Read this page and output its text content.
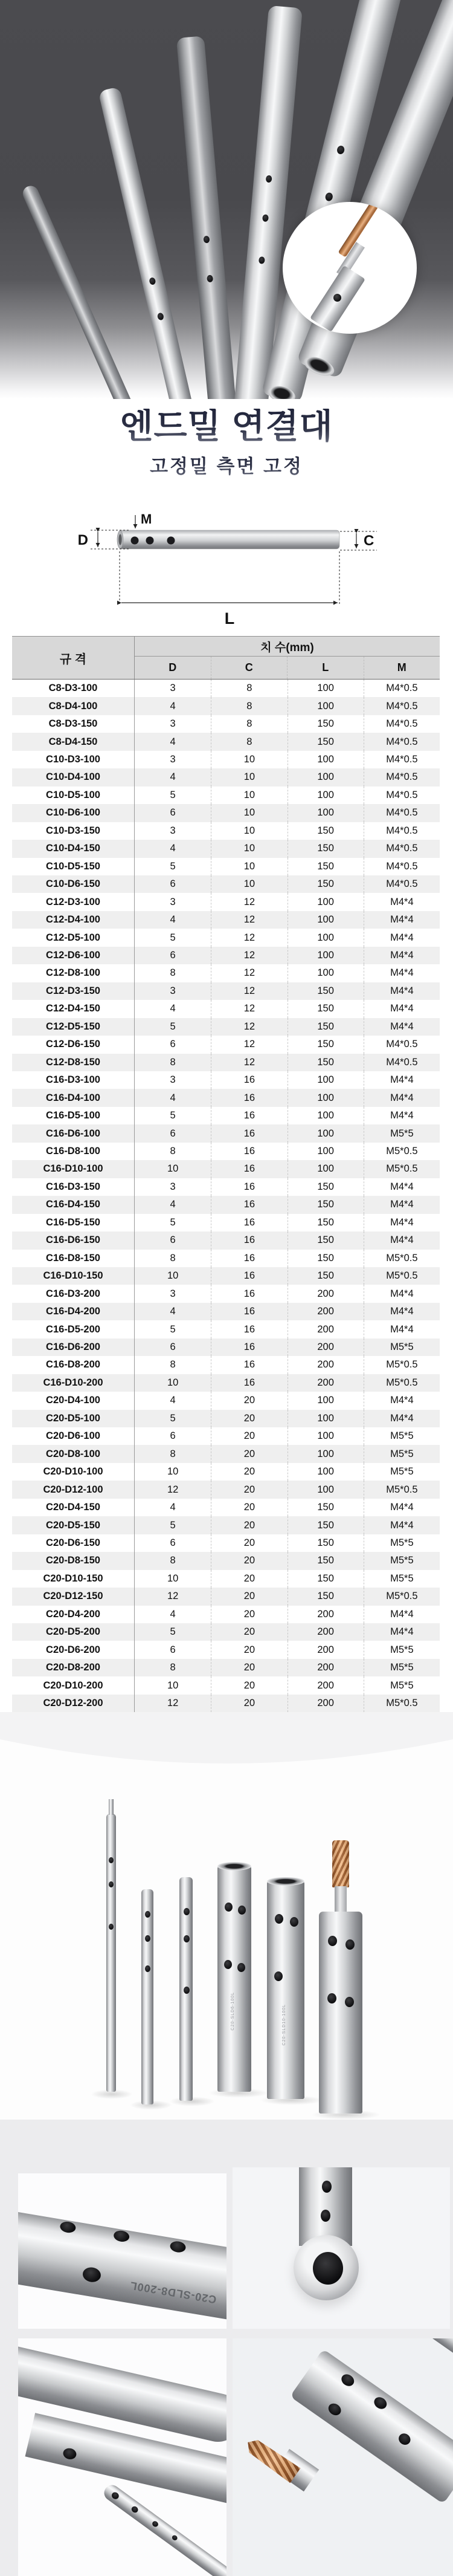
엔드밀 연결대
고정밀 측면 고정
M
D	C
L
규 격
치 수(mm)
D	C	L	M
C8-D3-100	3	8	100	M4*0.5
C8-D4-100	4	8	100	M4*0.5
C8-D3-150	3	8	150	M4*0.5
C8-D4-150	4	8	150	M4*0.5
C10-D3-100	3	10	100	M4*0.5
C10-D4-100	4	10	100	M4*0.5
C10-D5-100	5	10	100	M4*0.5
C10-D6-100	6	10	100	M4*0.5
C10-D3-150	3	10	150	M4*0.5
C10-D4-150	4	10	150	M4*0.5
C10-D5-150	5	10	150	M4*0.5
C10-D6-150	6	10	150	M4*0.5
C12-D3-100	3	12	100	M4*4
C12-D4-100	4	12	100	M4*4
C12-D5-100	5	12	100	M4*4
C12-D6-100	6	12	100	M4*4
C12-D8-100	8	12	100	M4*4
C12-D3-150	3	12	150	M4*4
C12-D4-150	4	12	150	M4*4
C12-D5-150	5	12	150	M4*4
C12-D6-150	6	12	150	M4*0.5
C12-D8-150	8	12	150	M4*0.5
C16-D3-100	3	16	100	M4*4
C16-D4-100	4	16	100	M4*4
C16-D5-100	5	16	100	M4*4
C16-D6-100	6	16	100	M5*5
C16-D8-100	8	16	100	M5*0.5
C16-D10-100	10	16	100	M5*0.5
C16-D3-150	3	16	150	M4*4
C16-D4-150	4	16	150	M4*4
C16-D5-150	5	16	150	M4*4
C16-D6-150	6	16	150	M4*4
C16-D8-150	8	16	150	M5*0.5
C16-D10-150	10	16	150	M5*0.5
C16-D3-200	3	16	200	M4*4
C16-D4-200	4	16	200	M4*4
C16-D5-200	5	16	200	M4*4
C16-D6-200	6	16	200	M5*5
C16-D8-200	8	16	200	M5*0.5
C16-D10-200	10	16	200	M5*0.5
C20-D4-100	4	20	100	M4*4
C20-D5-100	5	20	100	M4*4
C20-D6-100	6	20	100	M5*5
C20-D8-100	8	20	100	M5*5
C20-D10-100	10	20	100	M5*5
C20-D12-100	12	20	100	M5*0.5
C20-D4-150	4	20	150	M4*4
C20-D5-150	5	20	150	M4*4
C20-D6-150	6	20	150	M5*5
C20-D8-150	8	20	150	M5*5
C20-D10-150	10	20	150	M5*5
C20-D12-150	12	20	150	M5*0.5
C20-D4-200	4	20	200	M4*4
C20-D5-200	5	20	200	M4*4
C20-D6-200	6	20	200	M5*5
C20-D8-200	8	20	200	M5*5
C20-D10-200	10	20	200	M5*5
C20-D12-200	12	20	200	M5*0.5
C20-SLD6-100L	C20-SLD10-100L
C20-SLD8-200L
